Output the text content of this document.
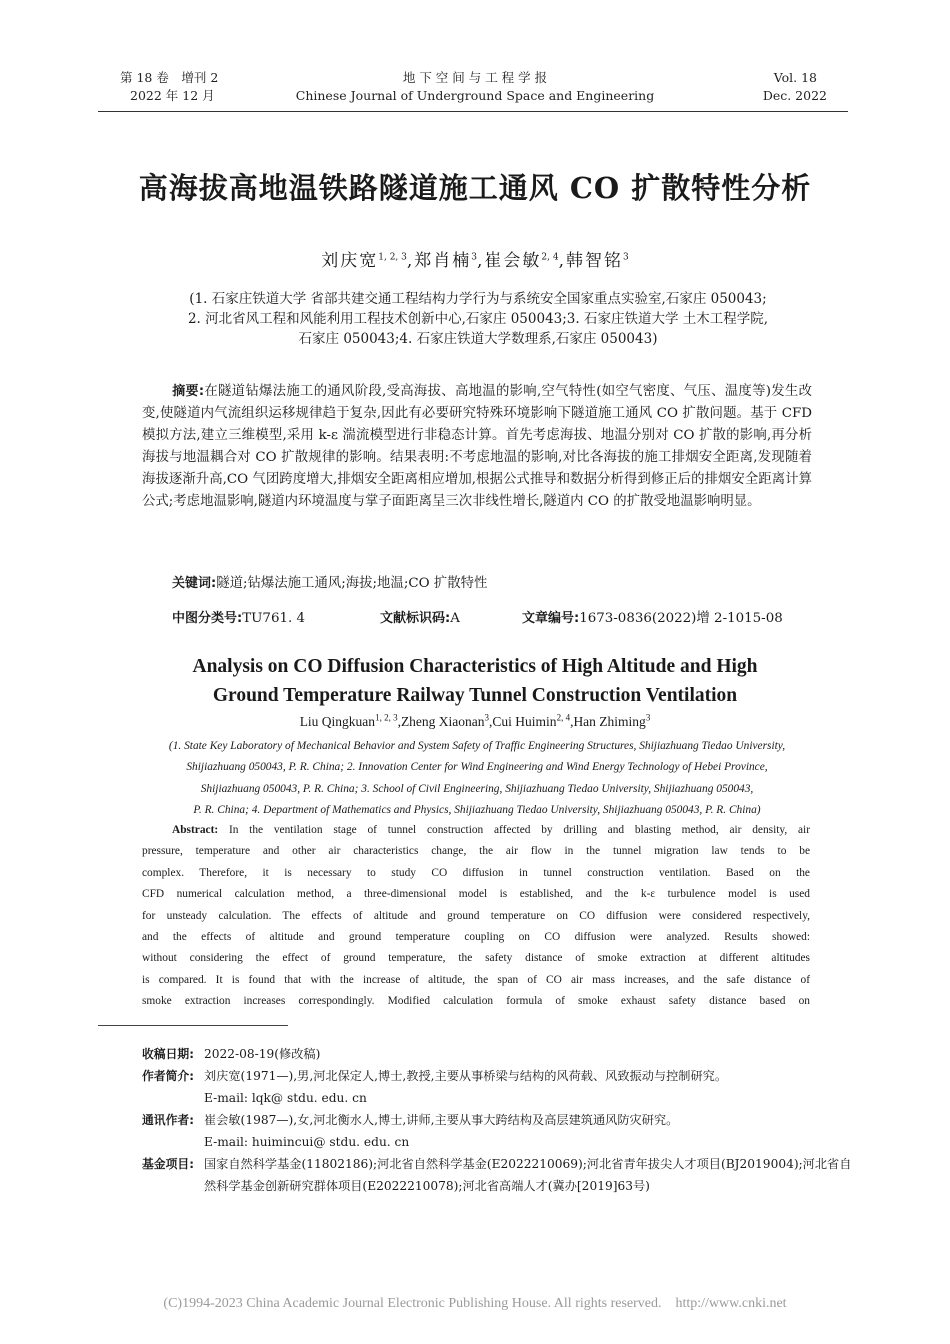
第 18 卷　增刊 2
2022 年 12 月
地 下 空 间 与 工 程 学 报
Chinese Journal of Underground Space and Engineering
Vol. 18
Dec. 2022
高海拔高地温铁路隧道施工通风 CO 扩散特性分析
刘庆宽$^{1, 2, 3}$,郑肖楠$^3$,崔会敏$^{2, 4}$,韩智铭$^3$
(1. 石家庄铁道大学 省部共建交通工程结构力学行为与系统安全国家重点实验室,石家庄 050043;
2. 河北省风工程和风能利用工程技术创新中心,石家庄 050043;3. 石家庄铁道大学 土木工程学院,
石家庄 050043;4. 石家庄铁道大学数理系,石家庄 050043)
摘要:在隧道钻爆法施工的通风阶段,受高海拔、高地温的影响,空气特性(如空气密度、气压、温度等)发生改变,使隧道内气流组织运移规律趋于复杂,因此有必要研究特殊环境影响下隧道施工通风 CO 扩散问题。基于 CFD 模拟方法,建立三维模型,采用 k-ε 湍流模型进行非稳态计算。首先考虑海拔、地温分别对 CO 扩散的影响,再分析海拔与地温耦合对 CO 扩散规律的影响。结果表明:不考虑地温的影响,对比各海拔的施工排烟安全距离,发现随着海拔逐渐升高,CO 气团跨度增大,排烟安全距离相应增加,根据公式推导和数据分析得到修正后的排烟安全距离计算公式;考虑地温影响,隧道内环境温度与掌子面距离呈三次非线性增长,隧道内 CO 的扩散受地温影响明显。
关键词:隧道;钻爆法施工通风;海拔;地温;CO 扩散特性
中图分类号:TU761. 4	文献标识码:A	文章编号:1673-0836(2022)增 2-1015-08
Analysis on CO Diffusion Characteristics of High Altitude and High
Ground Temperature Railway Tunnel Construction Ventilation
Liu Qingkuan$^{1, 2, 3}$,Zheng Xiaonan$^3$,Cui Huimin$^{2, 4}$,Han Zhiming$^3$
(1. State Key Laboratory of Mechanical Behavior and System Safety of Traffic Engineering Structures, Shijiazhuang Tiedao University,
Shijiazhuang 050043, P. R. China; 2. Innovation Center for Wind Engineering and Wind Energy Technology of Hebei Province,
Shijiazhuang 050043, P. R. China; 3. School of Civil Engineering, Shijiazhuang Tiedao University, Shijiazhuang 050043,
P. R. China; 4. Department of Mathematics and Physics, Shijiazhuang Tiedao University, Shijiazhuang 050043, P. R. China)
Abstract: In the ventilation stage of tunnel construction affected by drilling and blasting method, air density, air
pressure, temperature and other air characteristics change, the air flow in the tunnel migration law tends to be
complex. Therefore, it is necessary to study CO diffusion in tunnel construction ventilation. Based on the
CFD numerical calculation method, a three-dimensional model is established, and the k-ε turbulence model is used
for unsteady calculation. The effects of altitude and ground temperature on CO diffusion were considered respectively,
and the effects of altitude and ground temperature coupling on CO diffusion were analyzed. Results showed:
without considering the effect of ground temperature, the safety distance of smoke extraction at different altitudes
is compared. It is found that with the increase of altitude, the span of CO air mass increases, and the safe distance of
smoke extraction increases correspondingly. Modified calculation formula of smoke exhaust safety distance based on
收稿日期: 2022-08-19(修改稿)
作者简介: 刘庆宽(1971—),男,河北保定人,博士,教授,主要从事桥梁与结构的风荷载、风致振动与控制研究。
E-mail: lqk@ stdu. edu. cn
通讯作者: 崔会敏(1987—),女,河北衡水人,博士,讲师,主要从事大跨结构及高层建筑通风防灾研究。
E-mail: huimincui@ stdu. edu. cn
基金项目: 国家自然科学基金(11802186);河北省自然科学基金(E2022210069);河北省青年拔尖人才项目(BJ2019004);河北省自然科学基金创新研究群体项目(E2022210078);河北省高端人才(冀办[2019]63号)
(C)1994-2023 China Academic Journal Electronic Publishing House. All rights reserved.    http://www.cnki.net
